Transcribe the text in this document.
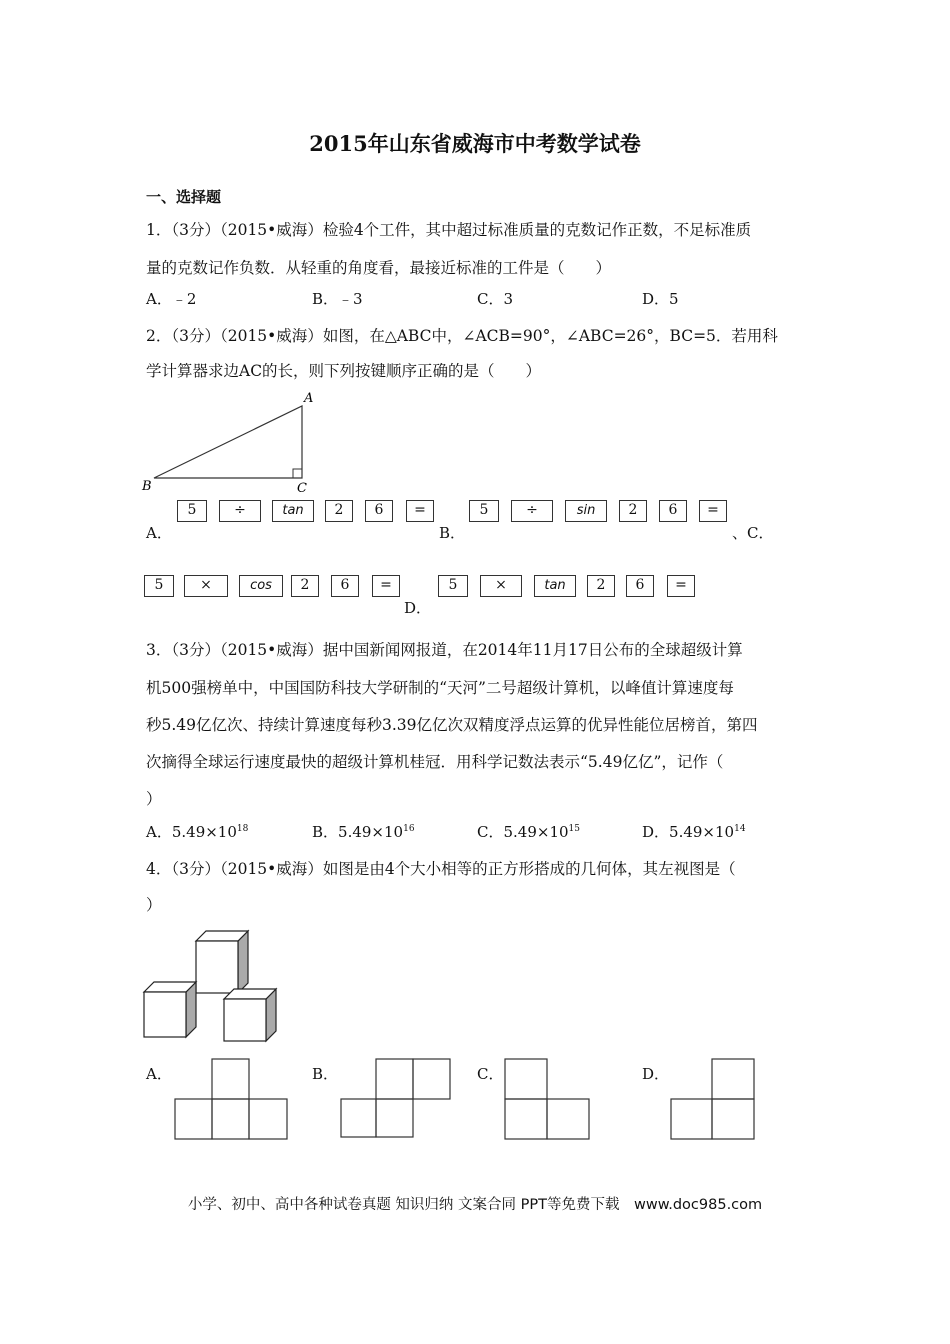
2015年山东省威海市中考数学试卷
一、选择题
1．（3分）（2015•威海）检验4个工件，其中超过标准质量的克数记作正数，不足标准质
量的克数记作负数．从轻重的角度看，最接近标准的工件是（　　）
A．﹣2	B．﹣3	C．3	D．5
2．（3分）（2015•威海）如图，在△ABC中，∠ACB=90°，∠ABC=26°，BC=5．若用科
学计算器求边AC的长，则下列按键顺序正确的是（　　）
A
B	C
A．
5	÷	tan	2	6	=
B．
5	÷	sin	2	6	=
、C．
5	×	cos	2	6	=
D．
5	×	tan	2	6	=
3．（3分）（2015•威海）据中国新闻网报道，在2014年11月17日公布的全球超级计算
机500强榜单中，中国国防科技大学研制的“天河”二号超级计算机，以峰值计算速度每
秒5.49亿亿次、持续计算速度每秒3.39亿亿次双精度浮点运算的优异性能位居榜首，第四
次摘得全球运行速度最快的超级计算机桂冠．用科学记数法表示“5.49亿亿”，记作（
）
A．$5.49\times 10^{18}$	B．$5.49\times 10^{16}$	C．$5.49\times 10^{15}$	D．$5.49\times 10^{14}$
4．（3分）（2015•威海）如图是由4个大小相等的正方形搭成的几何体，其左视图是（
）
A．	B．	C．	D．
小学、初中、高中各种试卷真题 知识归纳 文案合同 PPT等免费下载　www.doc985.com
